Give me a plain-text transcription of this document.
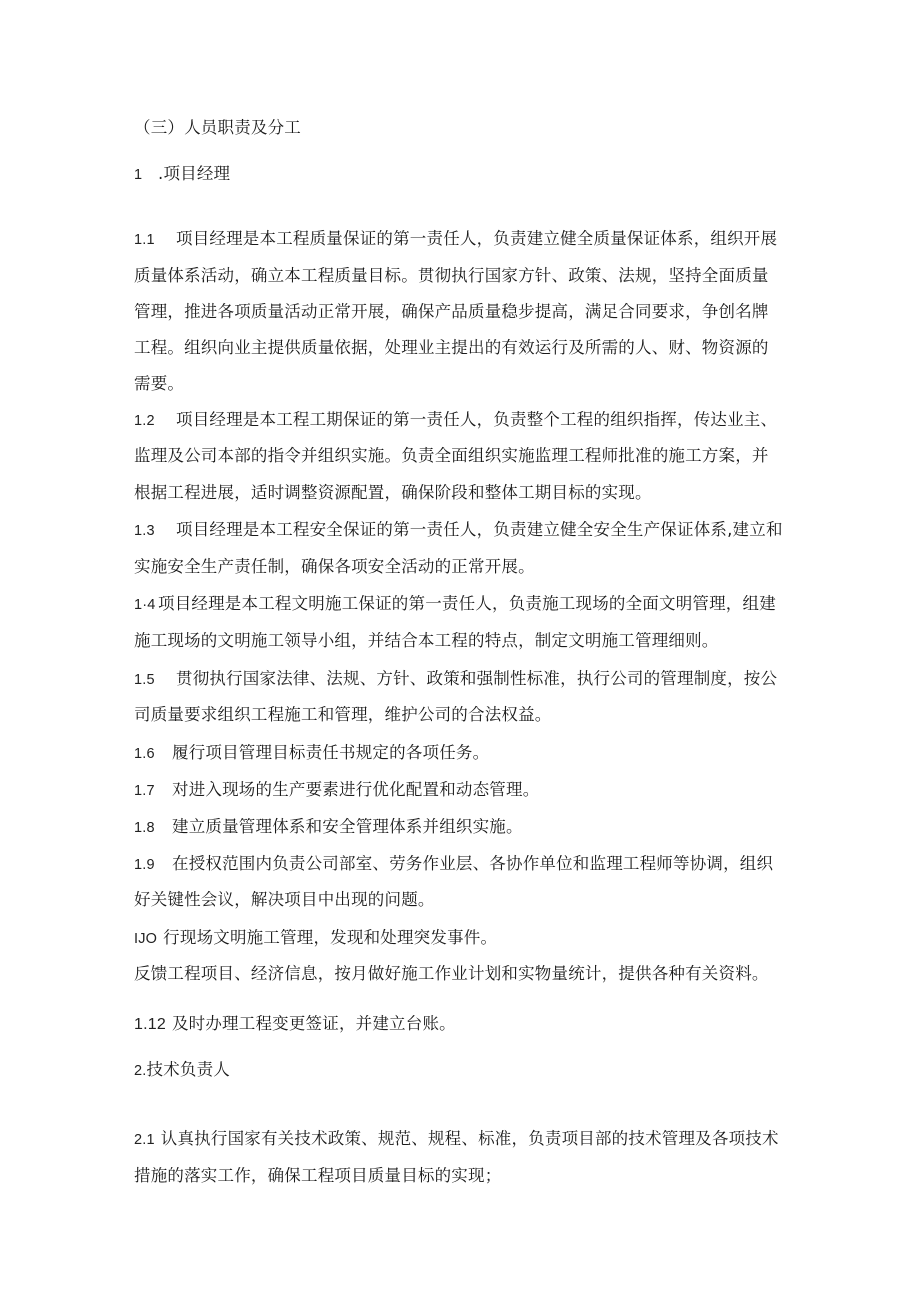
（三）人员职责及分工
1 .项目经理
1.1 项目经理是本工程质量保证的第一责任人，负责建立健全质量保证体系，组织开展
质量体系活动，确立本工程质量目标。贯彻执行国家方针、政策、法规，坚持全面质量
管理，推进各项质量活动正常开展，确保产品质量稳步提高，满足合同要求，争创名牌
工程。组织向业主提供质量依据，处理业主提出的有效运行及所需的人、财、物资源的
需要。
1.2 项目经理是本工程工期保证的第一责任人，负责整个工程的组织指挥，传达业主、
监理及公司本部的指令并组织实施。负责全面组织实施监理工程师批准的施工方案，并
根据工程进展，适时调整资源配置，确保阶段和整体工期目标的实现。
1.3 项目经理是本工程安全保证的第一责任人，负责建立健全安全生产保证体系,建立和
实施安全生产责任制，确保各项安全活动的正常开展。
1·4 项目经理是本工程文明施工保证的第一责任人，负责施工现场的全面文明管理，组建
施工现场的文明施工领导小组，并结合本工程的特点，制定文明施工管理细则。
1.5 贯彻执行国家法律、法规、方针、政策和强制性标准，执行公司的管理制度，按公
司质量要求组织工程施工和管理，维护公司的合法权益。
1.6 履行项目管理目标责任书规定的各项任务。
1.7 对进入现场的生产要素进行优化配置和动态管理。
1.8 建立质量管理体系和安全管理体系并组织实施。
1.9 在授权范围内负责公司部室、劳务作业层、各协作单位和监理工程师等协调，组织
好关键性会议，解决项目中出现的问题。
IJO 行现场文明施工管理，发现和处理突发事件。
反馈工程项目、经济信息，按月做好施工作业计划和实物量统计，提供各种有关资料。
1.12 及时办理工程变更签证，并建立台账。
2.技术负责人
2.1 认真执行国家有关技术政策、规范、规程、标准，负责项目部的技术管理及各项技术
措施的落实工作，确保工程项目质量目标的实现；
